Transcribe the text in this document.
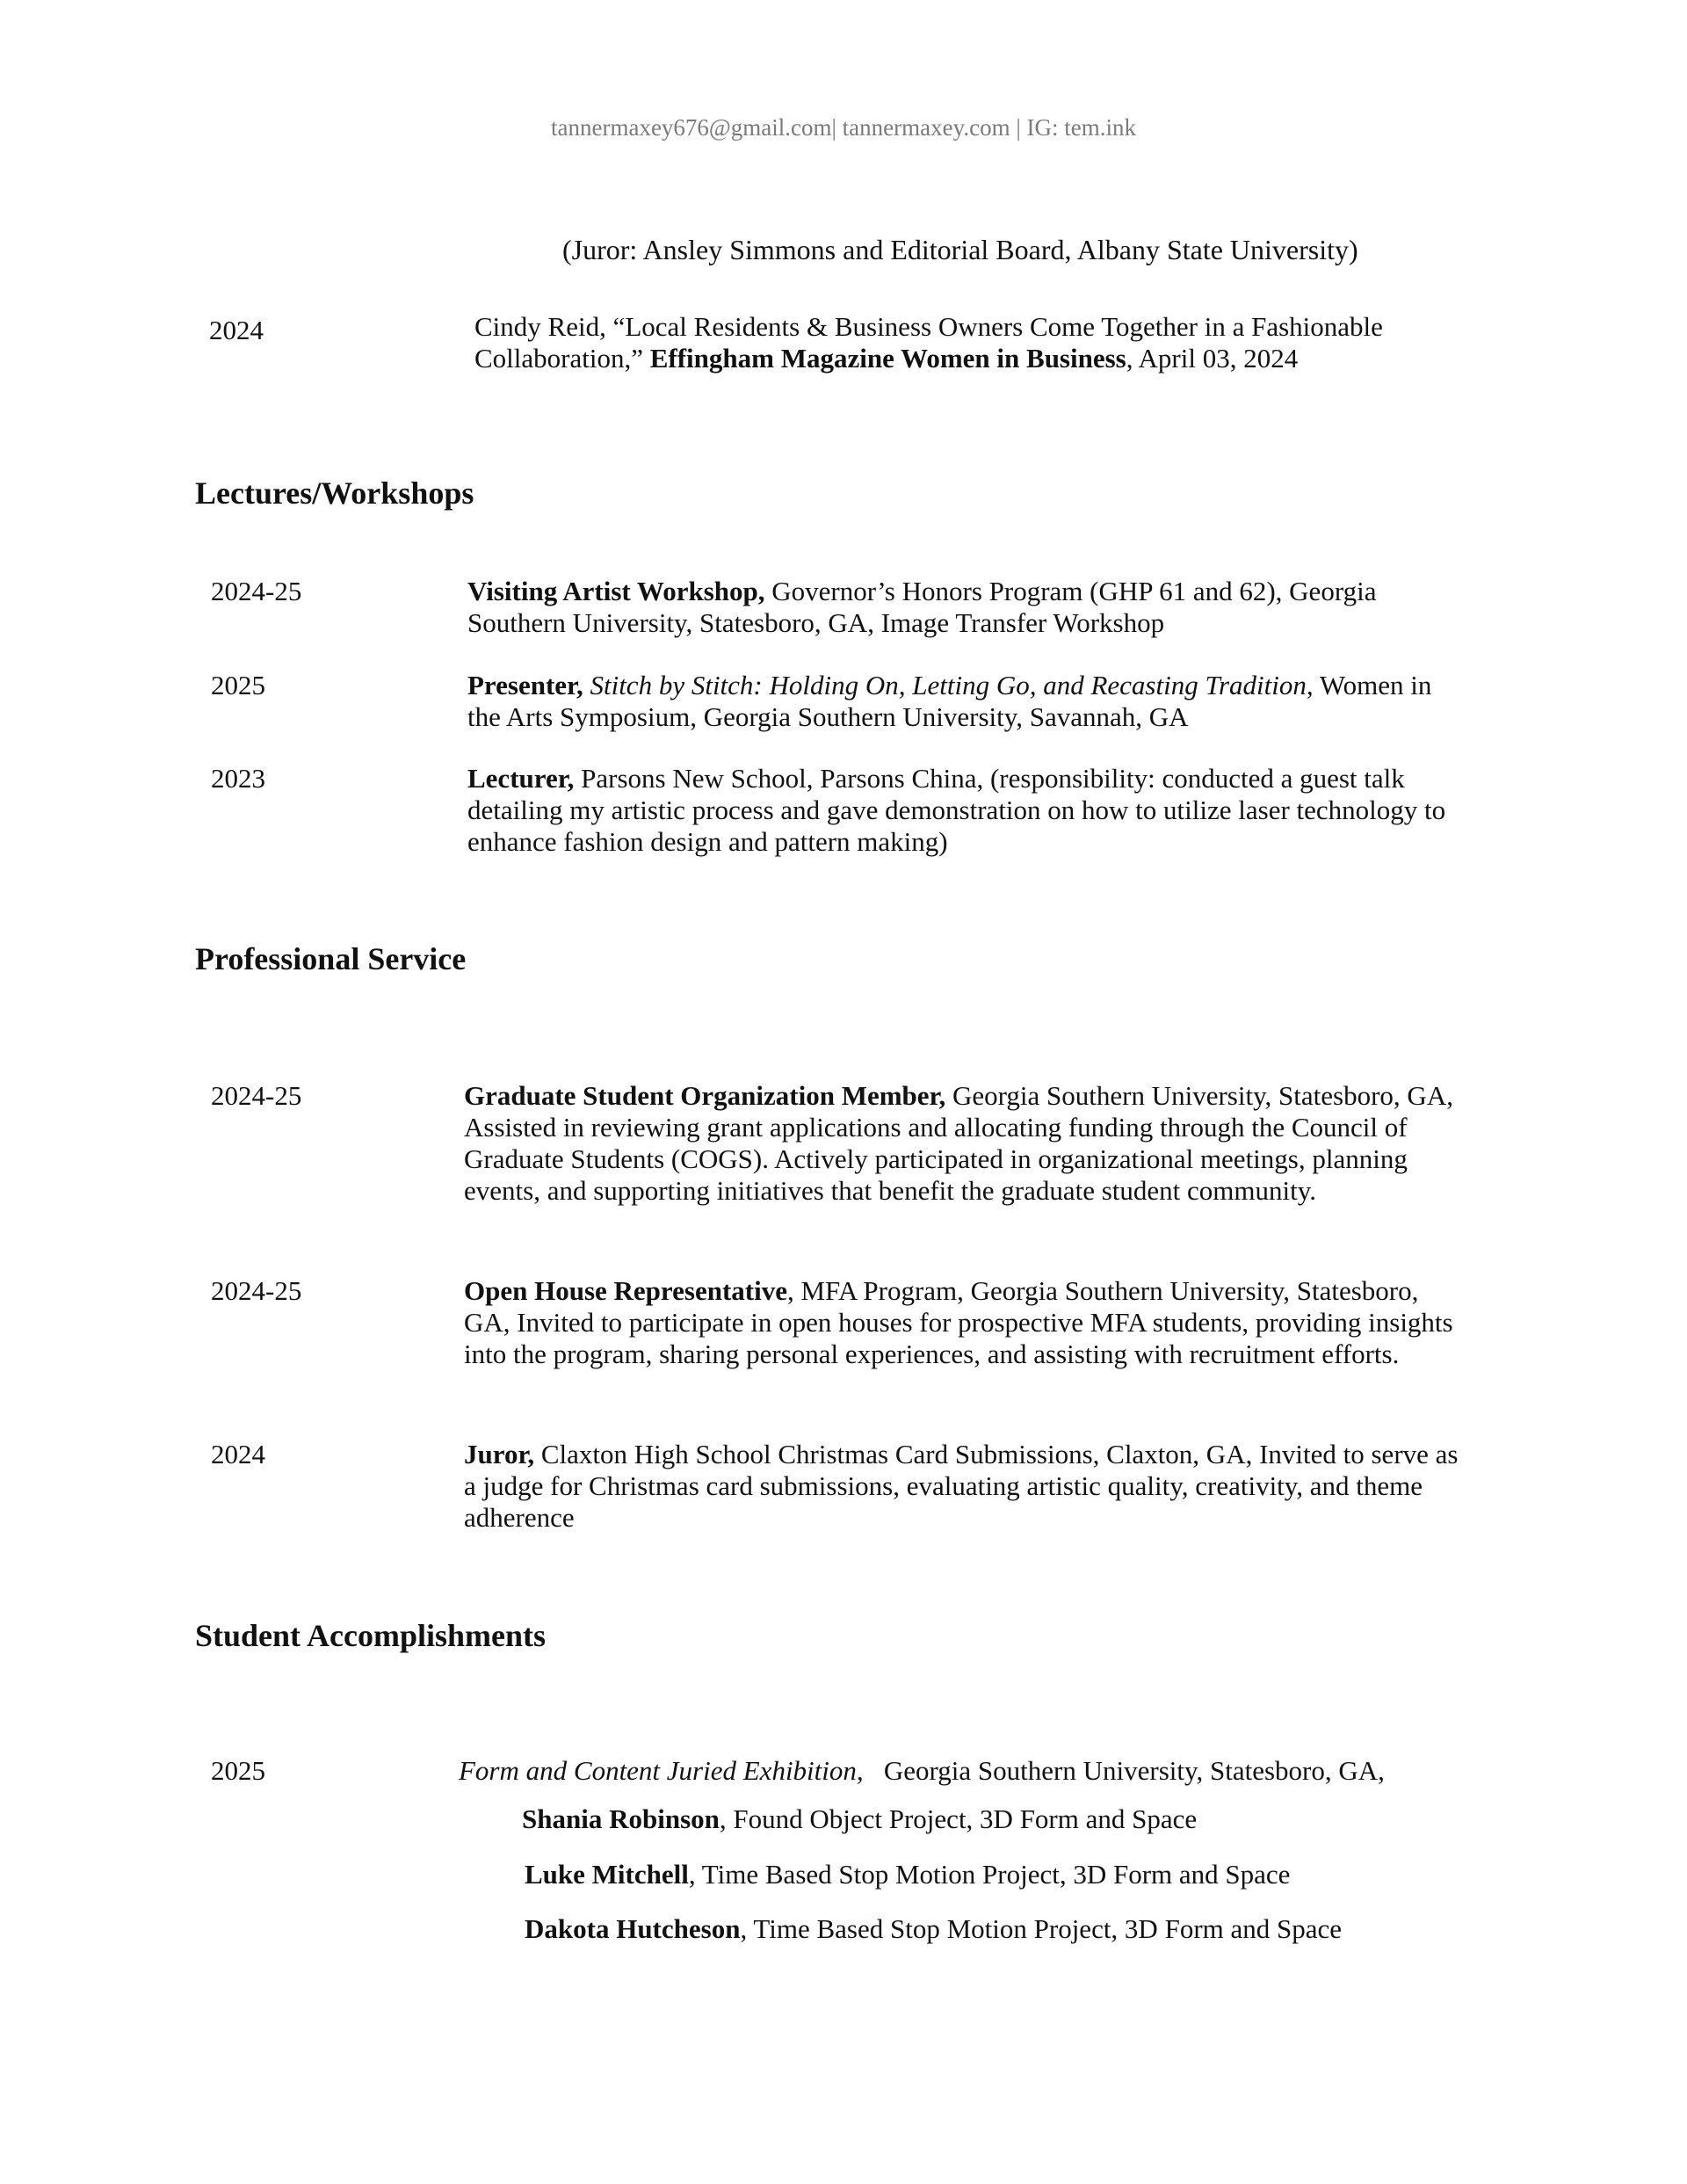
tannermaxey676@gmail.com| tannermaxey.com | IG: tem.ink
(Juror: Ansley Simmons and Editorial Board, Albany State University)
2024	Cindy Reid, “Local Residents & Business Owners Come Together in a Fashionable
Collaboration,” Effingham Magazine Women in Business, April 03, 2024
Lectures/Workshops
2024-25	Visiting Artist Workshop, Governor’s Honors Program (GHP 61 and 62), Georgia
Southern University, Statesboro, GA, Image Transfer Workshop
2025	Presenter, Stitch by Stitch: Holding On, Letting Go, and Recasting Tradition, Women in
the Arts Symposium, Georgia Southern University, Savannah, GA
2023	Lecturer, Parsons New School, Parsons China, (responsibility: conducted a guest talk
detailing my artistic process and gave demonstration on how to utilize laser technology to
enhance fashion design and pattern making)
Professional Service
2024-25	Graduate Student Organization Member, Georgia Southern University, Statesboro, GA,
Assisted in reviewing grant applications and allocating funding through the Council of
Graduate Students (COGS). Actively participated in organizational meetings, planning
events, and supporting initiatives that benefit the graduate student community.
2024-25	Open House Representative, MFA Program, Georgia Southern University, Statesboro,
GA, Invited to participate in open houses for prospective MFA students, providing insights
into the program, sharing personal experiences, and assisting with recruitment efforts.
2024	Juror, Claxton High School Christmas Card Submissions, Claxton, GA, Invited to serve as
a judge for Christmas card submissions, evaluating artistic quality, creativity, and theme
adherence
Student Accomplishments
2025	Form and Content Juried Exhibition, Georgia Southern University, Statesboro, GA,
Shania Robinson, Found Object Project, 3D Form and Space
Luke Mitchell, Time Based Stop Motion Project, 3D Form and Space
Dakota Hutcheson, Time Based Stop Motion Project, 3D Form and Space
